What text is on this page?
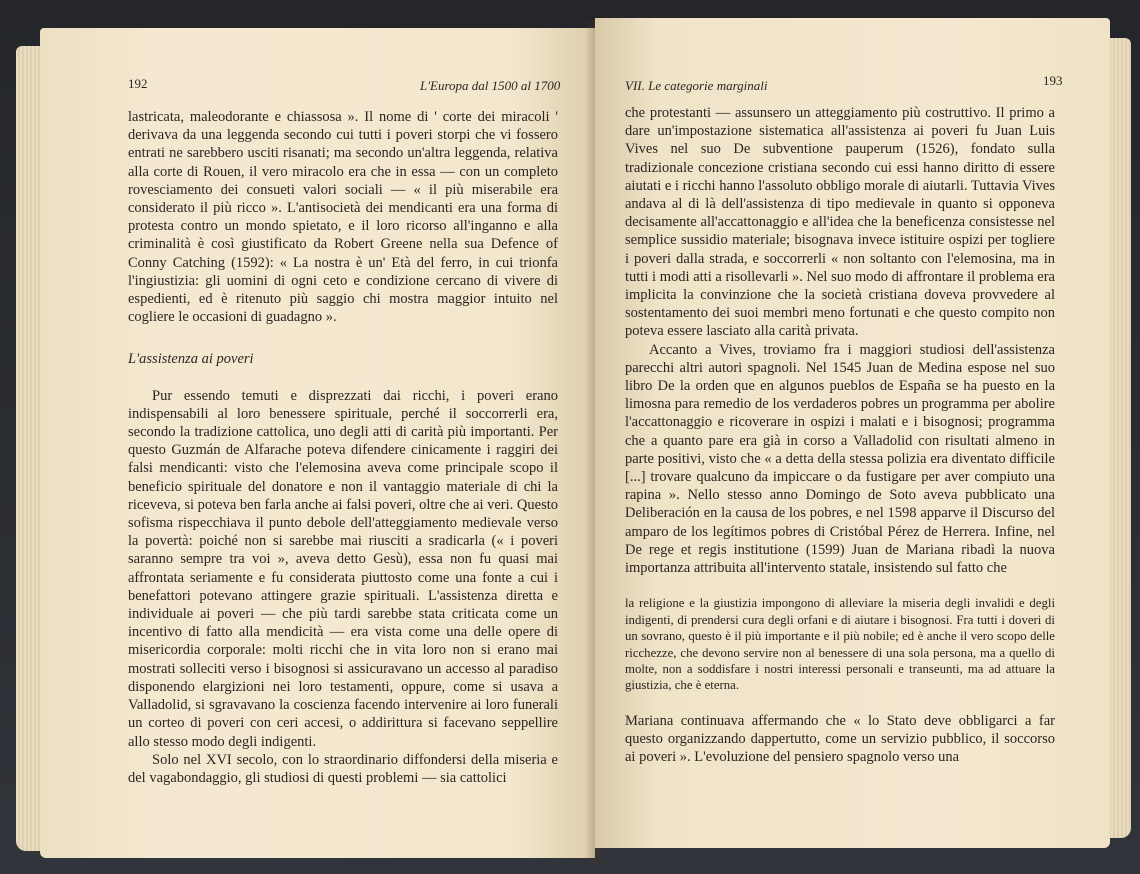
192	L'Europa dal 1500 al 1700

lastricata, maleodorante e chiassosa ». Il nome di ' corte dei miracoli ' derivava da una leggenda secondo cui tutti i poveri storpi che vi fossero entrati ne sarebbero usciti risanati; ma secondo un'altra leggenda, relativa alla corte di Rouen, il vero miracolo era che in essa — con un completo rovesciamento dei consueti valori sociali — « il più miserabile era considerato il più ricco ». L'antisocietà dei mendicanti era una forma di protesta contro un mondo spietato, e il loro ricorso all'inganno e alla criminalità è così giustificato da Robert Greene nella sua Defence of Conny Catching (1592): « La nostra è un' Età del ferro, in cui trionfa l'ingiustizia: gli uomini di ogni ceto e condizione cercano di vivere di espedienti, ed è ritenuto più saggio chi mostra maggior intuito nel cogliere le occasioni di guadagno ».

L'assistenza ai poveri

Pur essendo temuti e disprezzati dai ricchi, i poveri erano indispensabili al loro benessere spirituale, perché il soccorrerli era, secondo la tradizione cattolica, uno degli atti di carità più importanti. Per questo Guzmán de Alfarache poteva difendere cinicamente i raggiri dei falsi mendicanti: visto che l'elemosina aveva come principale scopo il beneficio spirituale del donatore e non il vantaggio materiale di chi la riceveva, si poteva ben farla anche ai falsi poveri, oltre che ai veri. Questo sofisma rispecchiava il punto debole dell'atteggiamento medievale verso la povertà: poiché non si sarebbe mai riusciti a sradicarla (« i poveri saranno sempre tra voi », aveva detto Gesù), essa non fu quasi mai affrontata seriamente e fu considerata piuttosto come una fonte a cui i benefattori potevano attingere grazie spirituali. L'assistenza diretta e individuale ai poveri — che più tardi sarebbe stata criticata come un incentivo di fatto alla mendicità — era vista come una delle opere di misericordia corporale: molti ricchi che in vita loro non si erano mai mostrati solleciti verso i bisognosi si assicuravano un accesso al paradiso disponendo elargizioni nei loro testamenti, oppure, come si usava a Valladolid, si sgravavano la coscienza facendo intervenire ai loro funerali un corteo di poveri con ceri accesi, o addirittura si facevano seppellire allo stesso modo degli indigenti.

Solo nel XVI secolo, con lo straordinario diffondersi della miseria e del vagabondaggio, gli studiosi di questi problemi — sia cattolici

VII. Le categorie marginali	193

che protestanti — assunsero un atteggiamento più costruttivo. Il primo a dare un'impostazione sistematica all'assistenza ai poveri fu Juan Luis Vives nel suo De subventione pauperum (1526), fondato sulla tradizionale concezione cristiana secondo cui essi hanno diritto di essere aiutati e i ricchi hanno l'assoluto obbligo morale di aiutarli. Tuttavia Vives andava al di là dell'assistenza di tipo medievale in quanto si opponeva decisamente all'accattonaggio e all'idea che la beneficenza consistesse nel semplice sussidio materiale; bisognava invece istituire ospizi per togliere i poveri dalla strada, e soccorrerli « non soltanto con l'elemosina, ma in tutti i modi atti a risollevarli ». Nel suo modo di affrontare il problema era implicita la convinzione che la società cristiana doveva provvedere al sostentamento dei suoi membri meno fortunati e che questo compito non poteva essere lasciato alla carità privata.

Accanto a Vives, troviamo fra i maggiori studiosi dell'assistenza parecchi altri autori spagnoli. Nel 1545 Juan de Medina espose nel suo libro De la orden que en algunos pueblos de España se ha puesto en la limosna para remedio de los verdaderos pobres un programma per abolire l'accattonaggio e ricoverare in ospizi i malati e i bisognosi; programma che a quanto pare era già in corso a Valladolid con risultati almeno in parte positivi, visto che « a detta della stessa polizia era diventato difficile [...] trovare qualcuno da impiccare o da fustigare per aver compiuto una rapina ». Nello stesso anno Domingo de Soto aveva pubblicato una Deliberación en la causa de los pobres, e nel 1598 apparve il Discurso del amparo de los legítimos pobres di Cristóbal Pérez de Herrera. Infine, nel De rege et regis institutione (1599) Juan de Mariana ribadì la nuova importanza attribuita all'intervento statale, insistendo sul fatto che

la religione e la giustizia impongono di alleviare la miseria degli invalidi e degli indigenti, di prendersi cura degli orfani e di aiutare i bisognosi. Fra tutti i doveri di un sovrano, questo è il più importante e il più nobile; ed è anche il vero scopo delle ricchezze, che devono servire non al benessere di una sola persona, ma a quello di molte, non a soddisfare i nostri interessi personali e transeunti, ma ad attuare la giustizia, che è eterna.

Mariana continuava affermando che « lo Stato deve obbligarci a far questo organizzando dappertutto, come un servizio pubblico, il soccorso ai poveri ». L'evoluzione del pensiero spagnolo verso una
